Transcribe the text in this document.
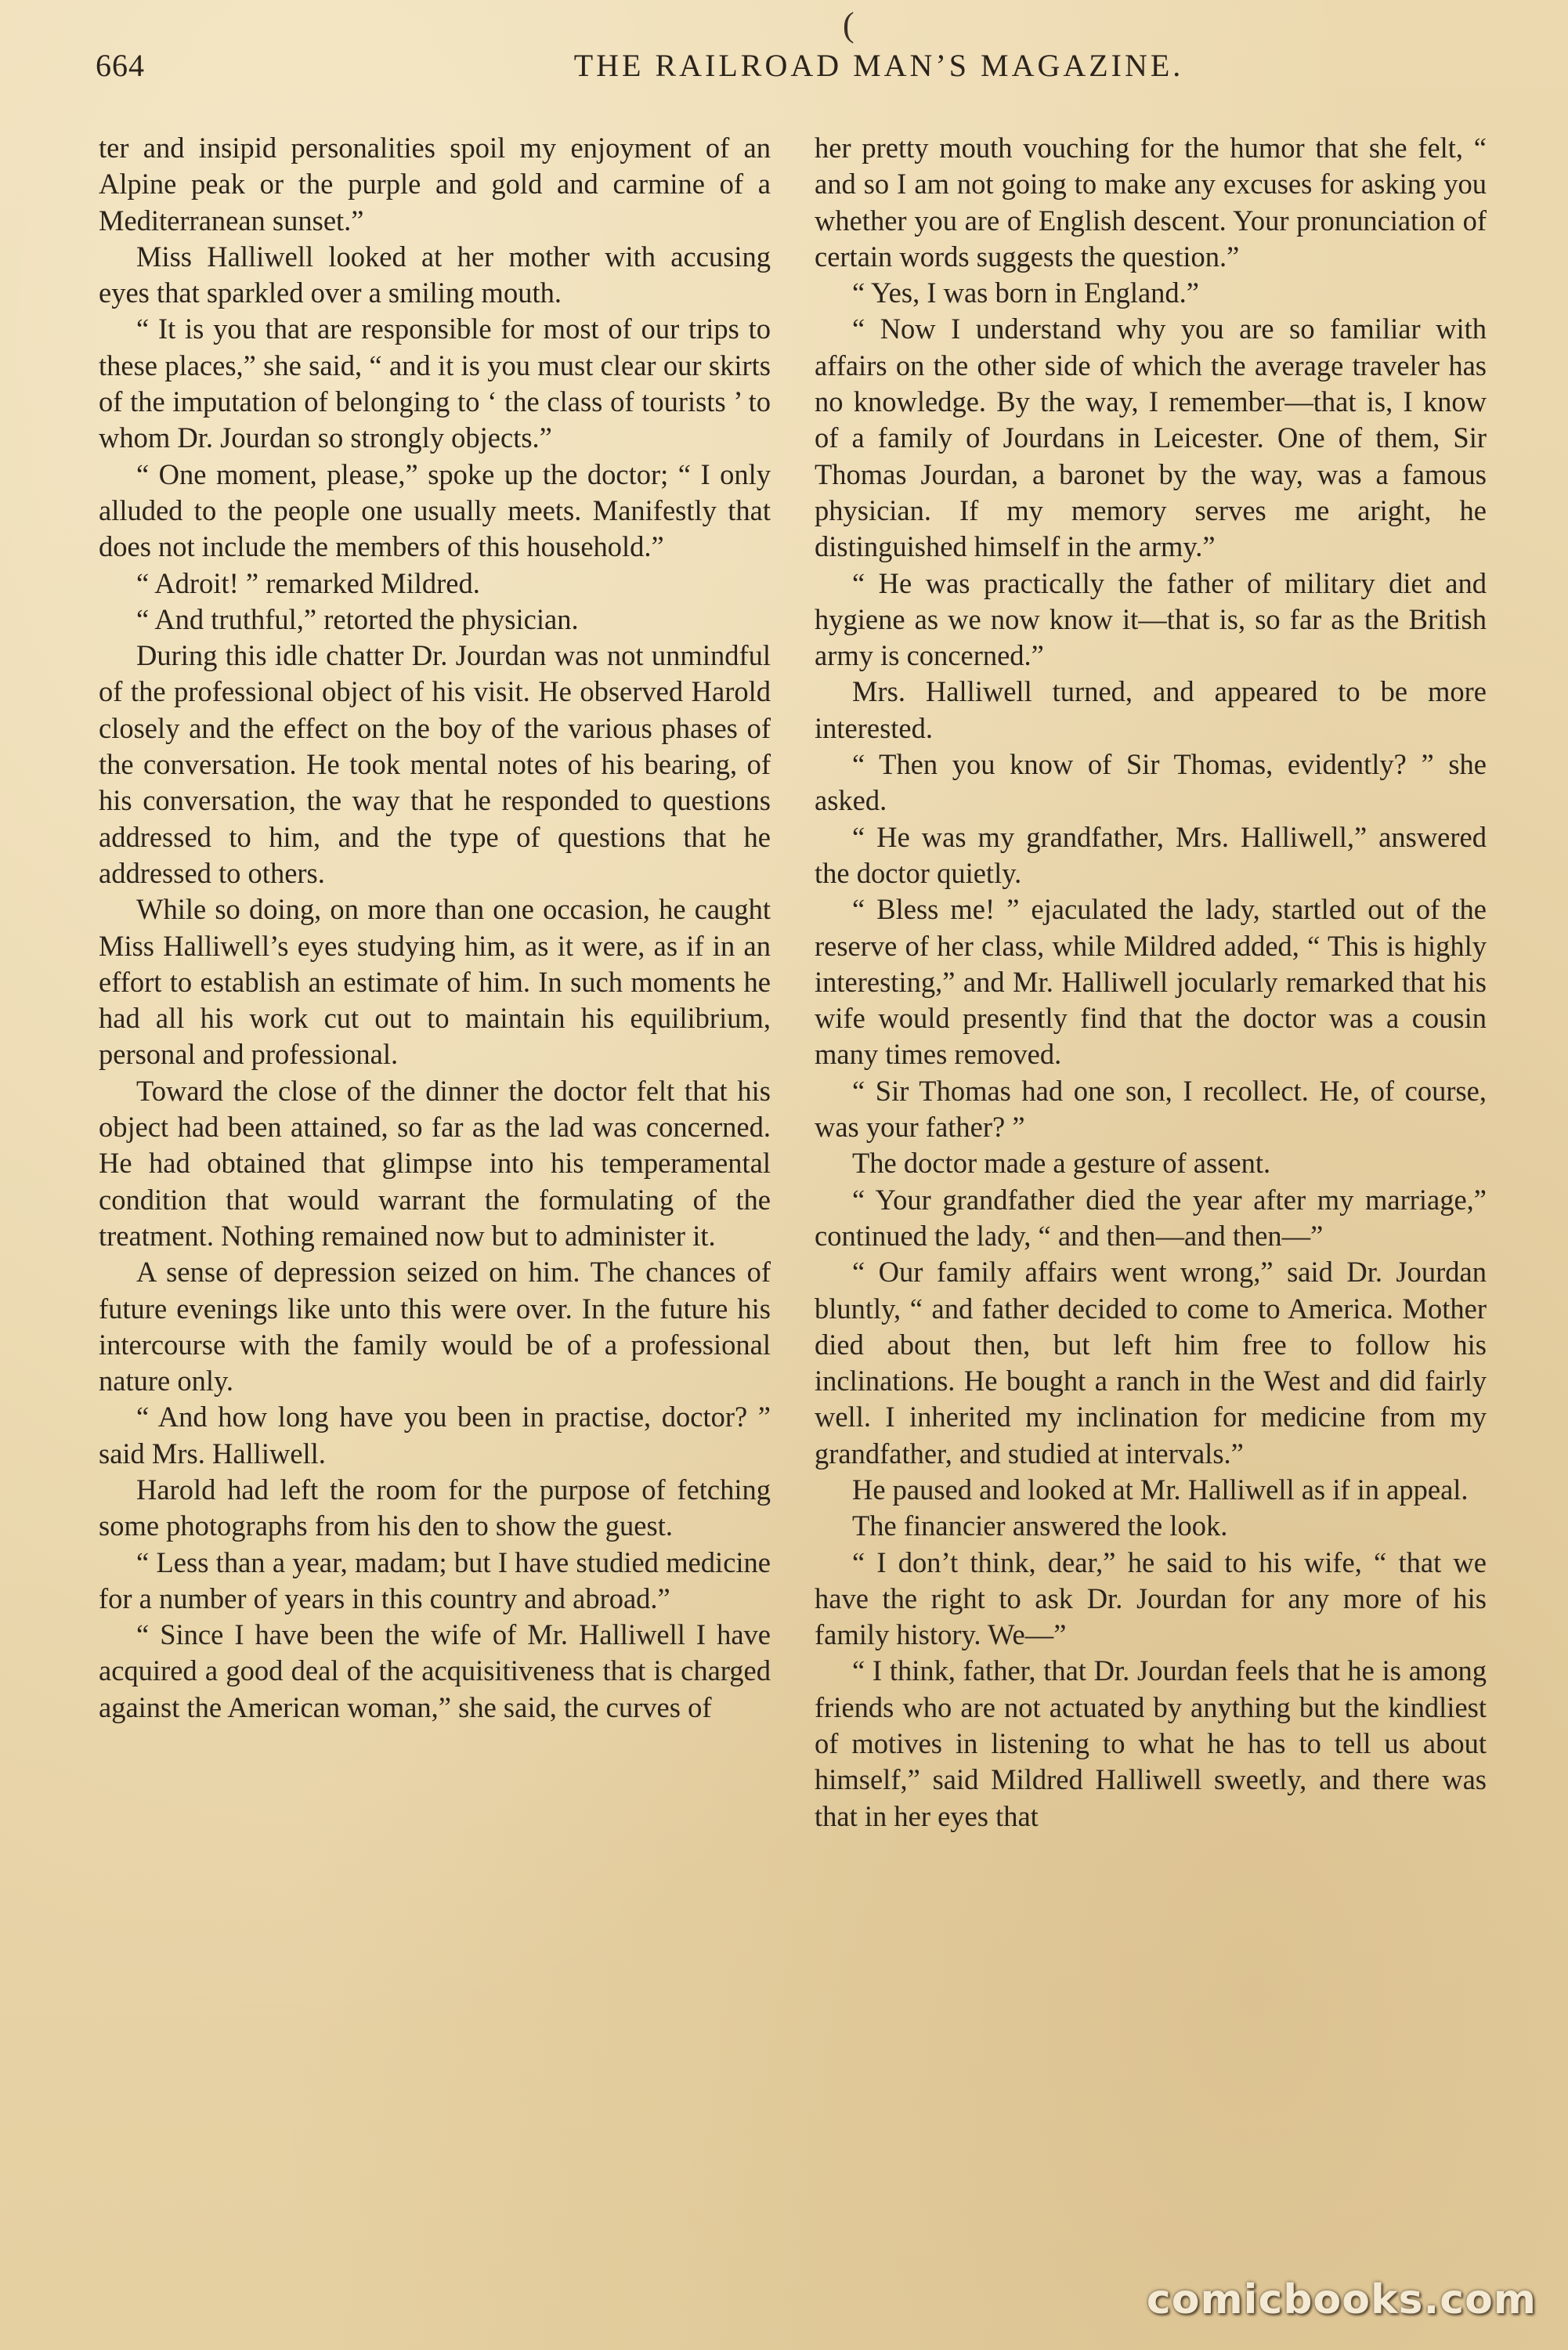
(
664	THE RAILROAD MAN’S MAGAZINE.

ter and insipid personalities spoil my enjoyment of an Alpine peak or the purple and gold and carmine of a Mediterranean sunset.”

Miss Halliwell looked at her mother with accusing eyes that sparkled over a smiling mouth.

“ It is you that are responsible for most of our trips to these places,” she said, “ and it is you must clear our skirts of the imputation of belonging to ‘ the class of tourists ’ to whom Dr. Jourdan so strongly objects.”

“ One moment, please,” spoke up the doctor; “ I only alluded to the people one usually meets. Manifestly that does not include the members of this household.”

“ Adroit! ” remarked Mildred.

“ And truthful,” retorted the physician.

During this idle chatter Dr. Jourdan was not unmindful of the professional object of his visit. He observed Harold closely and the effect on the boy of the various phases of the conversation. He took mental notes of his bearing, of his conversation, the way that he responded to questions addressed to him, and the type of questions that he addressed to others.

While so doing, on more than one occasion, he caught Miss Halliwell’s eyes studying him, as it were, as if in an effort to establish an estimate of him. In such moments he had all his work cut out to maintain his equilibrium, personal and professional.

Toward the close of the dinner the doctor felt that his object had been attained, so far as the lad was concerned. He had obtained that glimpse into his temperamental condition that would warrant the formulating of the treatment. Nothing remained now but to administer it.

A sense of depression seized on him. The chances of future evenings like unto this were over. In the future his intercourse with the family would be of a professional nature only.

“ And how long have you been in practise, doctor? ” said Mrs. Halliwell.

Harold had left the room for the purpose of fetching some photographs from his den to show the guest.

“ Less than a year, madam; but I have studied medicine for a number of years in this country and abroad.”

“ Since I have been the wife of Mr. Halliwell I have acquired a good deal of the acquisitiveness that is charged against the American woman,” she said, the curves of

her pretty mouth vouching for the humor that she felt, “ and so I am not going to make any excuses for asking you whether you are of English descent. Your pronunciation of certain words suggests the question.”

“ Yes, I was born in England.”

“ Now I understand why you are so familiar with affairs on the other side of which the average traveler has no knowledge. By the way, I remember—that is, I know of a family of Jourdans in Leicester. One of them, Sir Thomas Jourdan, a baronet by the way, was a famous physician. If my memory serves me aright, he distinguished himself in the army.”

“ He was practically the father of military diet and hygiene as we now know it—that is, so far as the British army is concerned.”

Mrs. Halliwell turned, and appeared to be more interested.

“ Then you know of Sir Thomas, evidently? ” she asked.

“ He was my grandfather, Mrs. Halliwell,” answered the doctor quietly.

“ Bless me! ” ejaculated the lady, startled out of the reserve of her class, while Mildred added, “ This is highly interesting,” and Mr. Halliwell jocularly remarked that his wife would presently find that the doctor was a cousin many times removed.

“ Sir Thomas had one son, I recollect. He, of course, was your father? ”

The doctor made a gesture of assent.

“ Your grandfather died the year after my marriage,” continued the lady, “ and then—and then—”

“ Our family affairs went wrong,” said Dr. Jourdan bluntly, “ and father decided to come to America. Mother died about then, but left him free to follow his inclinations. He bought a ranch in the West and did fairly well. I inherited my inclination for medicine from my grandfather, and studied at intervals.”

He paused and looked at Mr. Halliwell as if in appeal.

The financier answered the look.

“ I don’t think, dear,” he said to his wife, “ that we have the right to ask Dr. Jourdan for any more of his family history. We—”

“ I think, father, that Dr. Jourdan feels that he is among friends who are not actuated by anything but the kindliest of motives in listening to what he has to tell us about himself,” said Mildred Halliwell sweetly, and there was that in her eyes that

comicbooks.com
